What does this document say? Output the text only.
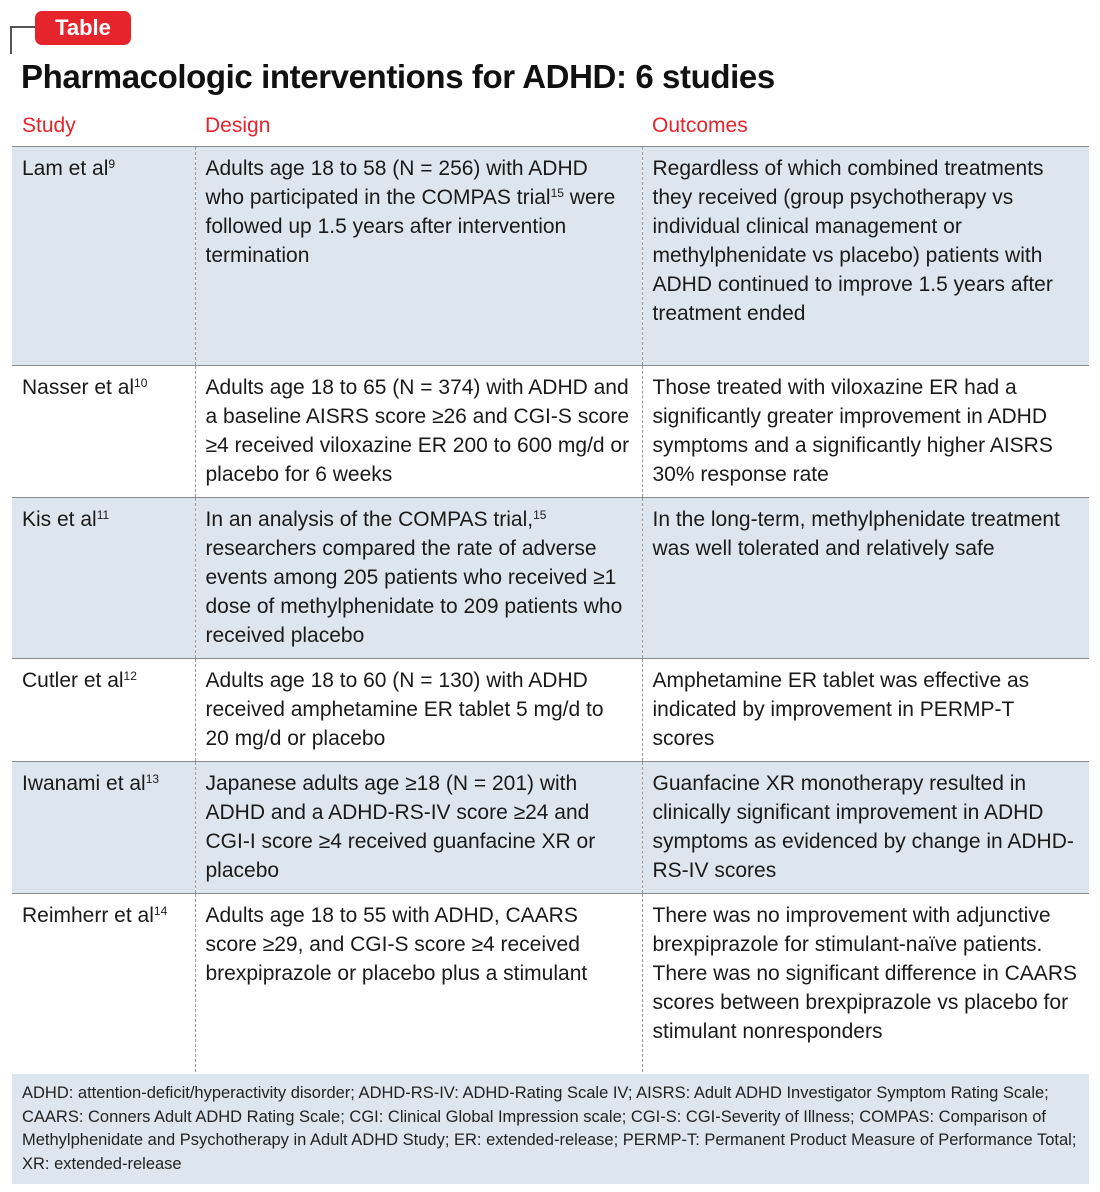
Table
Pharmacologic interventions for ADHD: 6 studies
Study	Design	Outcomes
Lam et $al^9$	Adults age 18 to 58 (N = 256) with ADHD who participated in the COMPAS trial$^{15}$ were followed up 1.5 years after intervention termination	Regardless of which combined treatments they received (group psychotherapy vs individual clinical management or methylphenidate vs placebo) patients with ADHD continued to improve 1.5 years after treatment ended
Nasser et $al^{10}$	Adults age 18 to 65 (N = 374) with ADHD and a baseline AISRS score ≥26 and CGI-S score ≥4 received viloxazine ER 200 to 600 mg/d or placebo for 6 weeks	Those treated with viloxazine ER had a significantly greater improvement in ADHD symptoms and a significantly higher AISRS 30% response rate
Kis et $al^{11}$	In an analysis of the COMPAS trial,$^{15}$ researchers compared the rate of adverse events among 205 patients who received ≥1 dose of methylphenidate to 209 patients who received placebo	In the long-term, methylphenidate treatment was well tolerated and relatively safe
Cutler et $al^{12}$	Adults age 18 to 60 (N = 130) with ADHD received amphetamine ER tablet 5 mg/d to 20 mg/d or placebo	Amphetamine ER tablet was effective as indicated by improvement in PERMP-T scores
Iwanami et $al^{13}$	Japanese adults age ≥18 (N = 201) with ADHD and a ADHD-RS-IV score ≥24 and CGI-I score ≥4 received guanfacine XR or placebo	Guanfacine XR monotherapy resulted in clinically significant improvement in ADHD symptoms as evidenced by change in ADHD-RS-IV scores
Reimherr et $al^{14}$	Adults age 18 to 55 with ADHD, CAARS score ≥29, and CGI-S score ≥4 received brexpiprazole or placebo plus a stimulant	There was no improvement with adjunctive brexpiprazole for stimulant-naïve patients. There was no significant difference in CAARS scores between brexpiprazole vs placebo for stimulant nonresponders
ADHD: attention-deficit/hyperactivity disorder; ADHD-RS-IV: ADHD-Rating Scale IV; AISRS: Adult ADHD Investigator Symptom Rating Scale; CAARS: Conners Adult ADHD Rating Scale; CGI: Clinical Global Impression scale; CGI-S: CGI-Severity of Illness; COMPAS: Comparison of Methylphenidate and Psychotherapy in Adult ADHD Study; ER: extended-release; PERMP-T: Permanent Product Measure of Performance Total; XR: extended-release
